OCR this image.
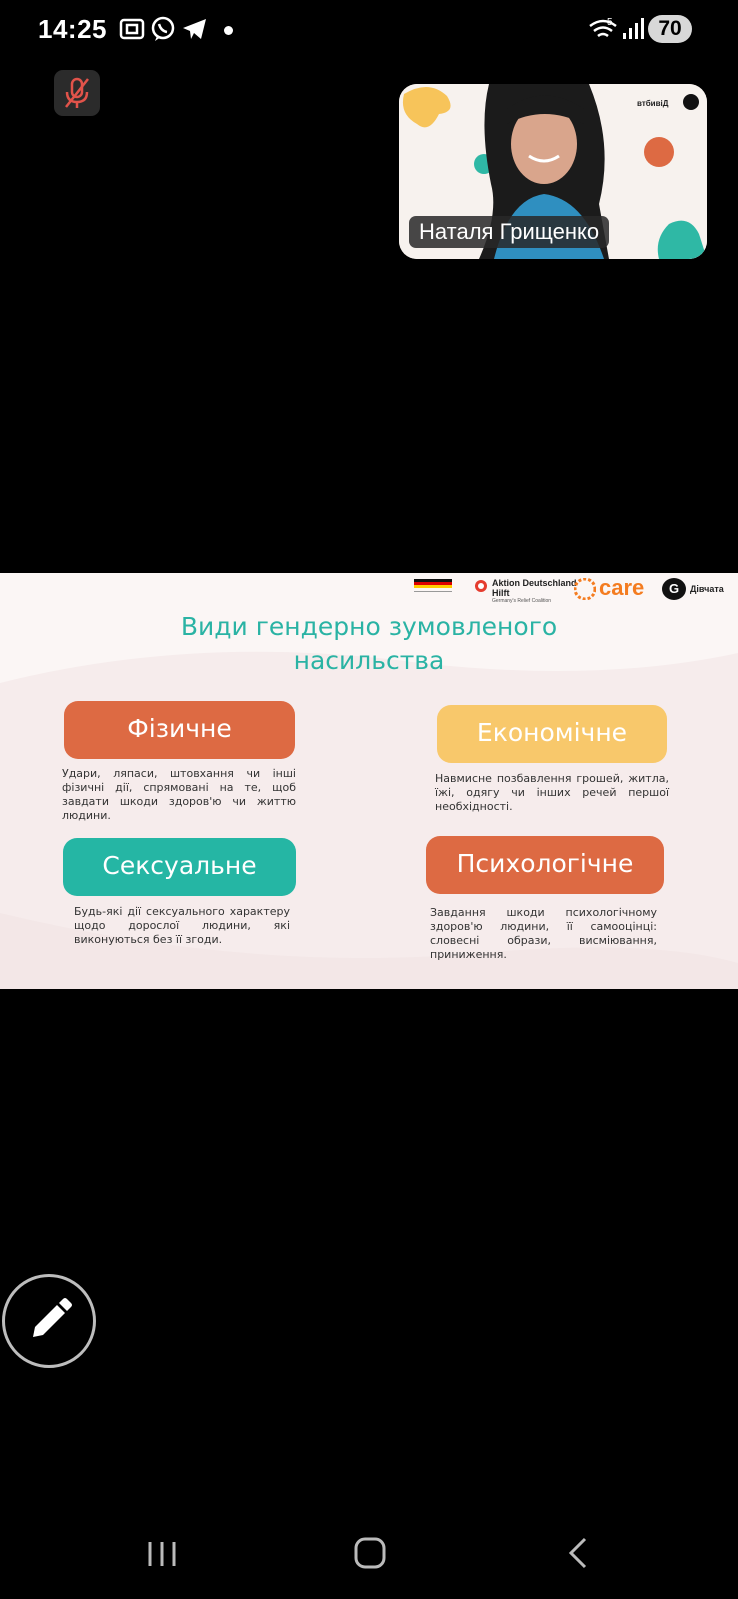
14:25	5	70
втбивіД
Наталя Грищенко
Aktion Deutschland Hilft
Germany's Relief Coalition
care	G	Дівчата
Види гендерно зумовленого
насильства
Фізичне
Удари, ляпаси, штовхання чи інші фізичні дії, спрямовані на те, щоб завдати шкоди здоров'ю чи життю людини.
Економічне
Навмисне позбавлення грошей, житла, їжі, одягу чи інших речей першої необхідності.
Сексуальне
Будь-які дії сексуального характеру щодо дорослої людини, які виконуються без її згоди.
Психологічне
Завдання шкоди психологічному здоров'ю людини, її самооцінці: словесні образи, висміювання, приниження.
